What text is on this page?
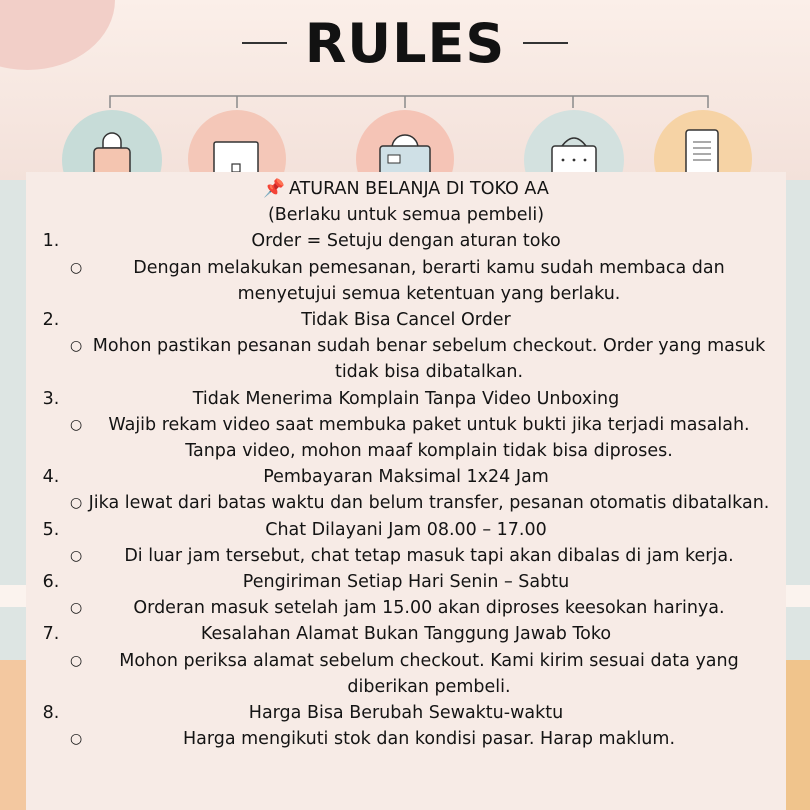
RULES
📌 ATURAN BELANJA DI TOKO AA
(Berlaku untuk semua pembeli)
1.	Order = Setuju dengan aturan toko
○	Dengan melakukan pemesanan, berarti kamu sudah membaca dan menyetujui semua ketentuan yang berlaku.
2.	Tidak Bisa Cancel Order
○ Mohon pastikan pesanan sudah benar sebelum checkout. Order yang masuk tidak bisa dibatalkan.
3.	Tidak Menerima Komplain Tanpa Video Unboxing
○	Wajib rekam video saat membuka paket untuk bukti jika terjadi masalah. Tanpa video, mohon maaf komplain tidak bisa diproses.
4.	Pembayaran Maksimal 1x24 Jam
○ Jika lewat dari batas waktu dan belum transfer, pesanan otomatis dibatalkan.
5.	Chat Dilayani Jam 08.00 – 17.00
○	Di luar jam tersebut, chat tetap masuk tapi akan dibalas di jam kerja.
6.	Pengiriman Setiap Hari Senin – Sabtu
○	Orderan masuk setelah jam 15.00 akan diproses keesokan harinya.
7.	Kesalahan Alamat Bukan Tanggung Jawab Toko
○	Mohon periksa alamat sebelum checkout. Kami kirim sesuai data yang diberikan pembeli.
8.	Harga Bisa Berubah Sewaktu-waktu
○	Harga mengikuti stok dan kondisi pasar. Harap maklum.
